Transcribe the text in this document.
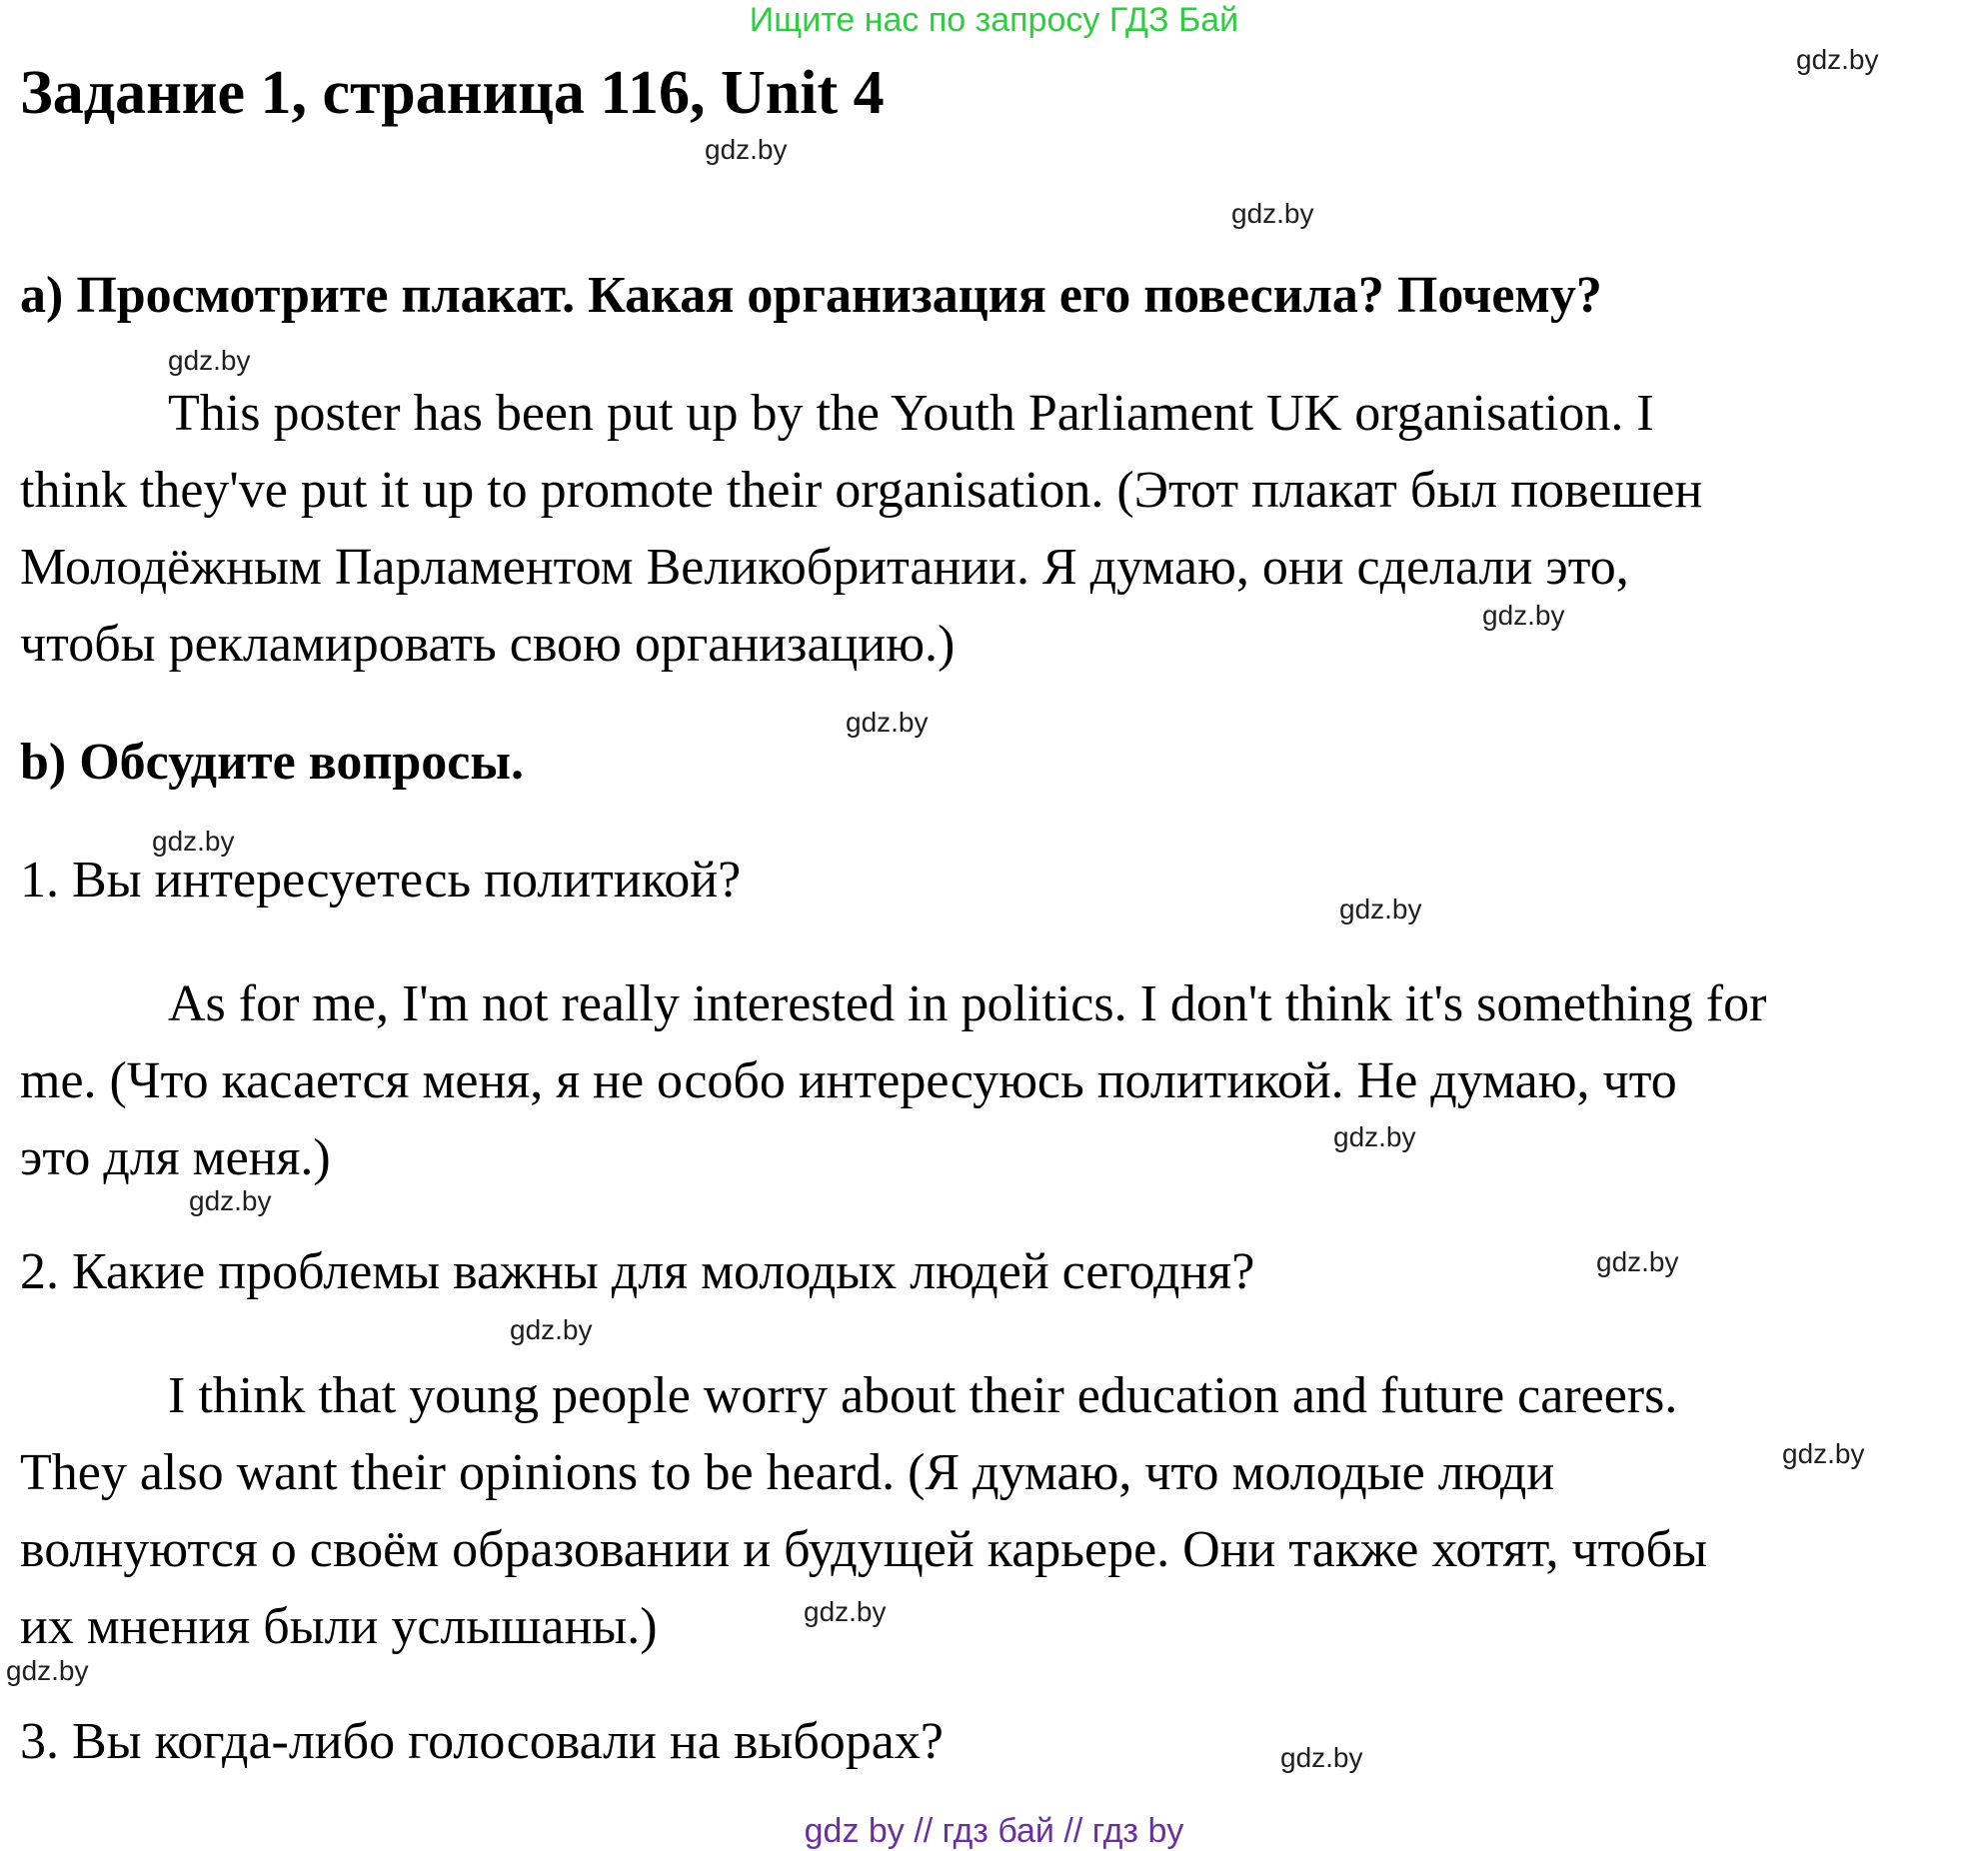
Ищите нас по запросу ГДЗ Бай
Задание 1, страница 116, Unit 4
a) Просмотрите плакат. Какая организация его повесила? Почему?
This poster has been put up by the Youth Parliament UK organisation. I
think they've put it up to promote their organisation. (Этот плакат был повешен
Молодёжным Парламентом Великобритании. Я думаю, они сделали это,
чтобы рекламировать свою организацию.)
b) Обсудите вопросы.
1. Вы интересуетесь политикой?
As for me, I'm not really interested in politics. I don't think it's something for
me. (Что касается меня, я не особо интересуюсь политикой. Не думаю, что
это для меня.)
2. Какие проблемы важны для молодых людей сегодня?
I think that young people worry about their education and future careers.
They also want their opinions to be heard. (Я думаю, что молодые люди
волнуются о своём образовании и будущей карьере. Они также хотят, чтобы
их мнения были услышаны.)
3. Вы когда-либо голосовали на выборах?
gdz.by
gdz.by
gdz.by
gdz.by
gdz.by
gdz.by
gdz.by
gdz.by
gdz.by
gdz.by
gdz.by
gdz.by
gdz.by
gdz.by
gdz.by
gdz.by
gdz by // гдз бай // гдз by
